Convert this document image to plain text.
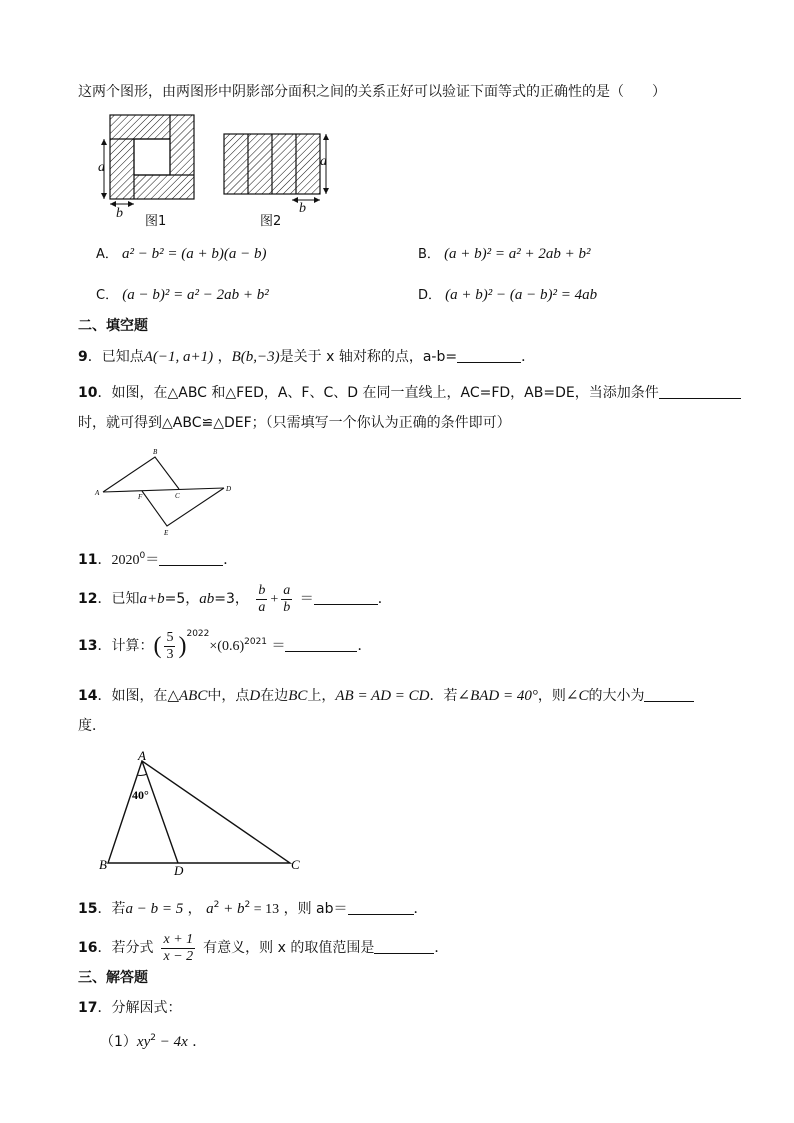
这两个图形，由两图形中阴影部分面积之间的关系正好可以验证下面等式的正确性的是（　　）
a
b
图1
a
b
图2
A． a² − b² = (a + b)(a − b)	B． (a + b)² = a² + 2ab + b²
C． (a − b)² = a² − 2ab + b²	D． (a + b)² − (a − b)² = 4ab
二、填空题
9．已知点A(−1, a+1) ，B(b,−3)是关于 x 轴对称的点，a-b=	．
10．如图，在△ABC 和△FED，A、F、C、D 在同一直线上，AC=FD，AB=DE，当添加条件
时，就可得到△ABC≌△DEF；（只需填写一个你认为正确的条件即可）
A
B
C
D
E
F
11．$2020^0=$	．
12．已知a+b=5，ab=3， $\frac{b}{a} + \frac{a}{b}$ ＝	．
13．计算：( $\frac{5}{3} )^{2022}\times(0.6)^{2021}$ ＝	．
14．如图，在△ABC中，点D在边BC上，AB = AD = CD．若∠BAD = 40°，则∠C的大小为
度．
A
B	C
D
40°
15．若a − b = 5 ， $a^2 + b^2 = 13$ ，则 ab＝	．
16．若分式 $\frac{x + 1}{x - 2}$ 有意义，则 x 的取值范围是	．
三、解答题
17．分解因式：
$(1)xy^2 - 4x$ ．
